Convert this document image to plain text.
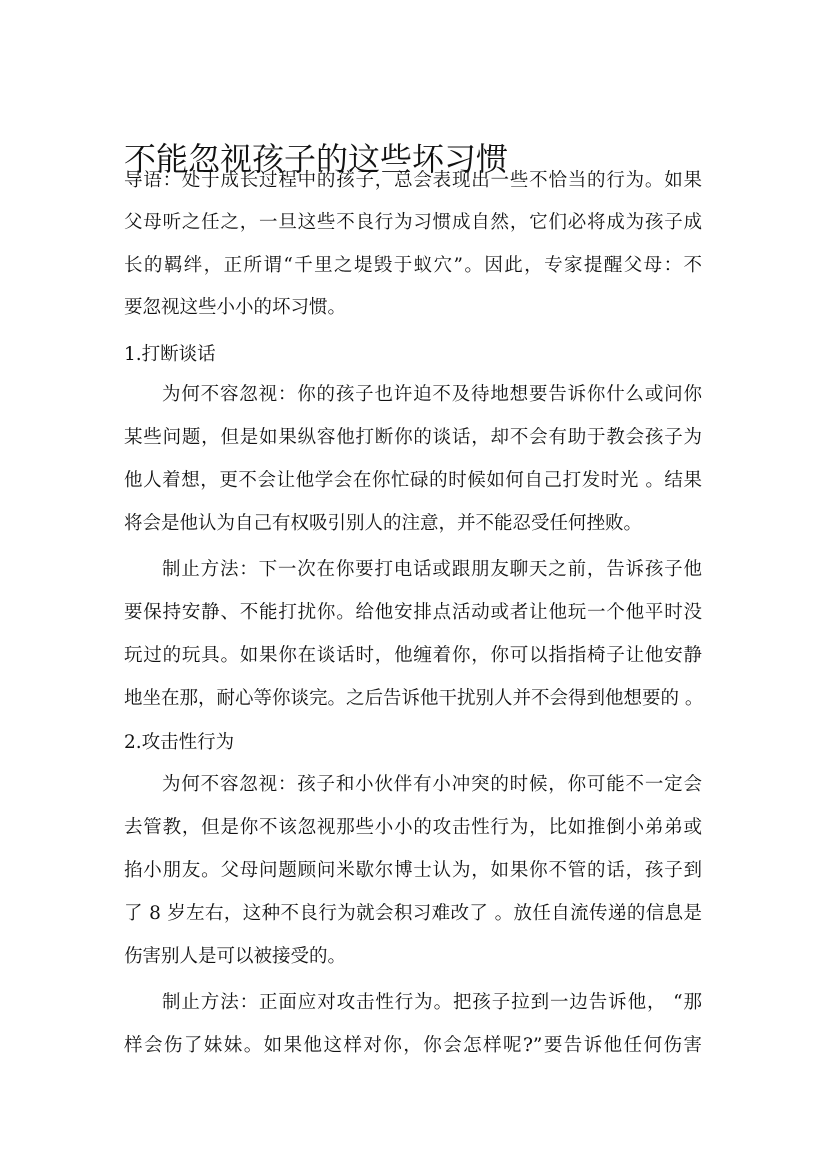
不能忽视孩子的这些坏习惯
导语：处于成长过程中的孩子，总会表现出一些不恰当的行为。如果
父母听之任之，一旦这些不良行为习惯成自然，它们必将成为孩子成
长的羁绊，正所谓“千里之堤毁于蚁穴”。因此，专家提醒父母：不
要忽视这些小小的坏习惯。
1.打断谈话
为何不容忽视：你的孩子也许迫不及待地想要告诉你什么或问你
某些问题，但是如果纵容他打断你的谈话，却不会有助于教会孩子为
他人着想，更不会让他学会在你忙碌的时候如何自己打发时光 。结果
将会是他认为自己有权吸引别人的注意，并不能忍受任何挫败。
制止方法：下一次在你要打电话或跟朋友聊天之前，告诉孩子他
要保持安静、不能打扰你。给他安排点活动或者让他玩一个他平时没
玩过的玩具。如果你在谈话时，他缠着你，你可以指指椅子让他安静
地坐在那，耐心等你谈完。之后告诉他干扰别人并不会得到他想要的 。
2.攻击性行为
为何不容忽视：孩子和小伙伴有小冲突的时候，你可能不一定会
去管教，但是你不该忽视那些小小的攻击性行为，比如推倒小弟弟或
掐小朋友。父母问题顾问米歇尔博士认为，如果你不管的话，孩子到
了 8 岁左右，这种不良行为就会积习难改了 。放任自流传递的信息是
伤害别人是可以被接受的。
制止方法：正面应对攻击性行为。把孩子拉到一边告诉他， “那
样会伤了妹妹。如果他这样对你，你会怎样呢?”要告诉他任何伤害
